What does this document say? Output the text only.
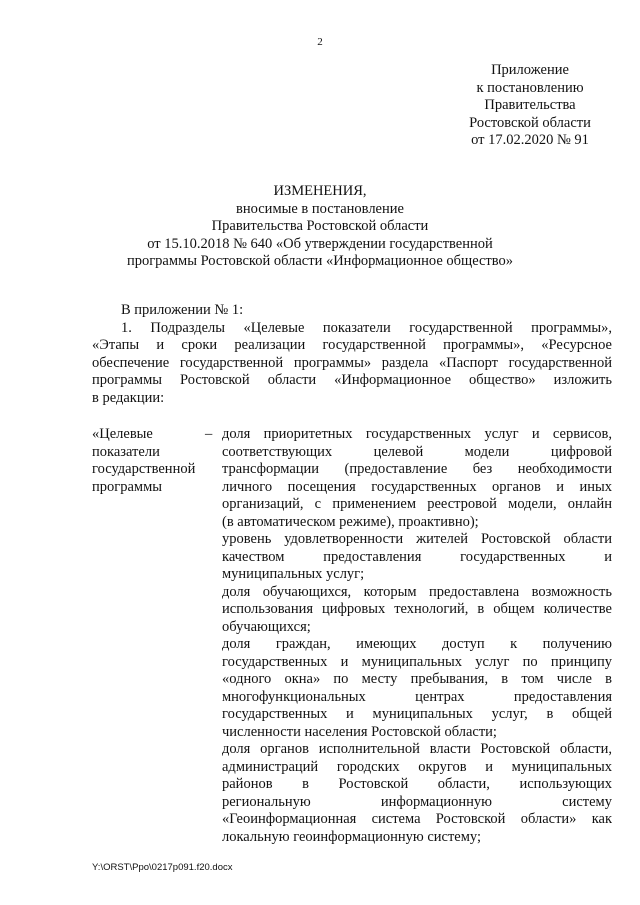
2
Приложение
к постановлению
Правительства
Ростовской области
от 17.02.2020 № 91
ИЗМЕНЕНИЯ,
вносимые в постановление
Правительства Ростовской области
от 15.10.2018 № 640 «Об утверждении государственной
программы Ростовской области «Информационное общество»
В приложении № 1:
1. Подразделы «Целевые показатели государственной программы»,
«Этапы и сроки реализации государственной программы», «Ресурсное
обеспечение государственной программы» раздела «Паспорт государственной
программы Ростовской области «Информационное общество» изложить
в редакции:
«Целевые
показатели
государственной
программы
– доля приоритетных государственных услуг и сервисов,
соответствующих целевой модели цифровой
трансформации (предоставление без необходимости
личного посещения государственных органов и иных
организаций, с применением реестровой модели, онлайн
(в автоматическом режиме), проактивно);
уровень удовлетворенности жителей Ростовской области
качеством предоставления государственных и
муниципальных услуг;
доля обучающихся, которым предоставлена возможность
использования цифровых технологий, в общем количестве
обучающихся;
доля граждан, имеющих доступ к получению
государственных и муниципальных услуг по принципу
«одного окна» по месту пребывания, в том числе в
многофункциональных центрах предоставления
государственных и муниципальных услуг, в общей
численности населения Ростовской области;
доля органов исполнительной власти Ростовской области,
администраций городских округов и муниципальных
районов в Ростовской области, использующих
региональную информационную систему
«Геоинформационная система Ростовской области» как
локальную геоинформационную систему;
Y:\ORST\Ppo\0217p091.f20.docx
